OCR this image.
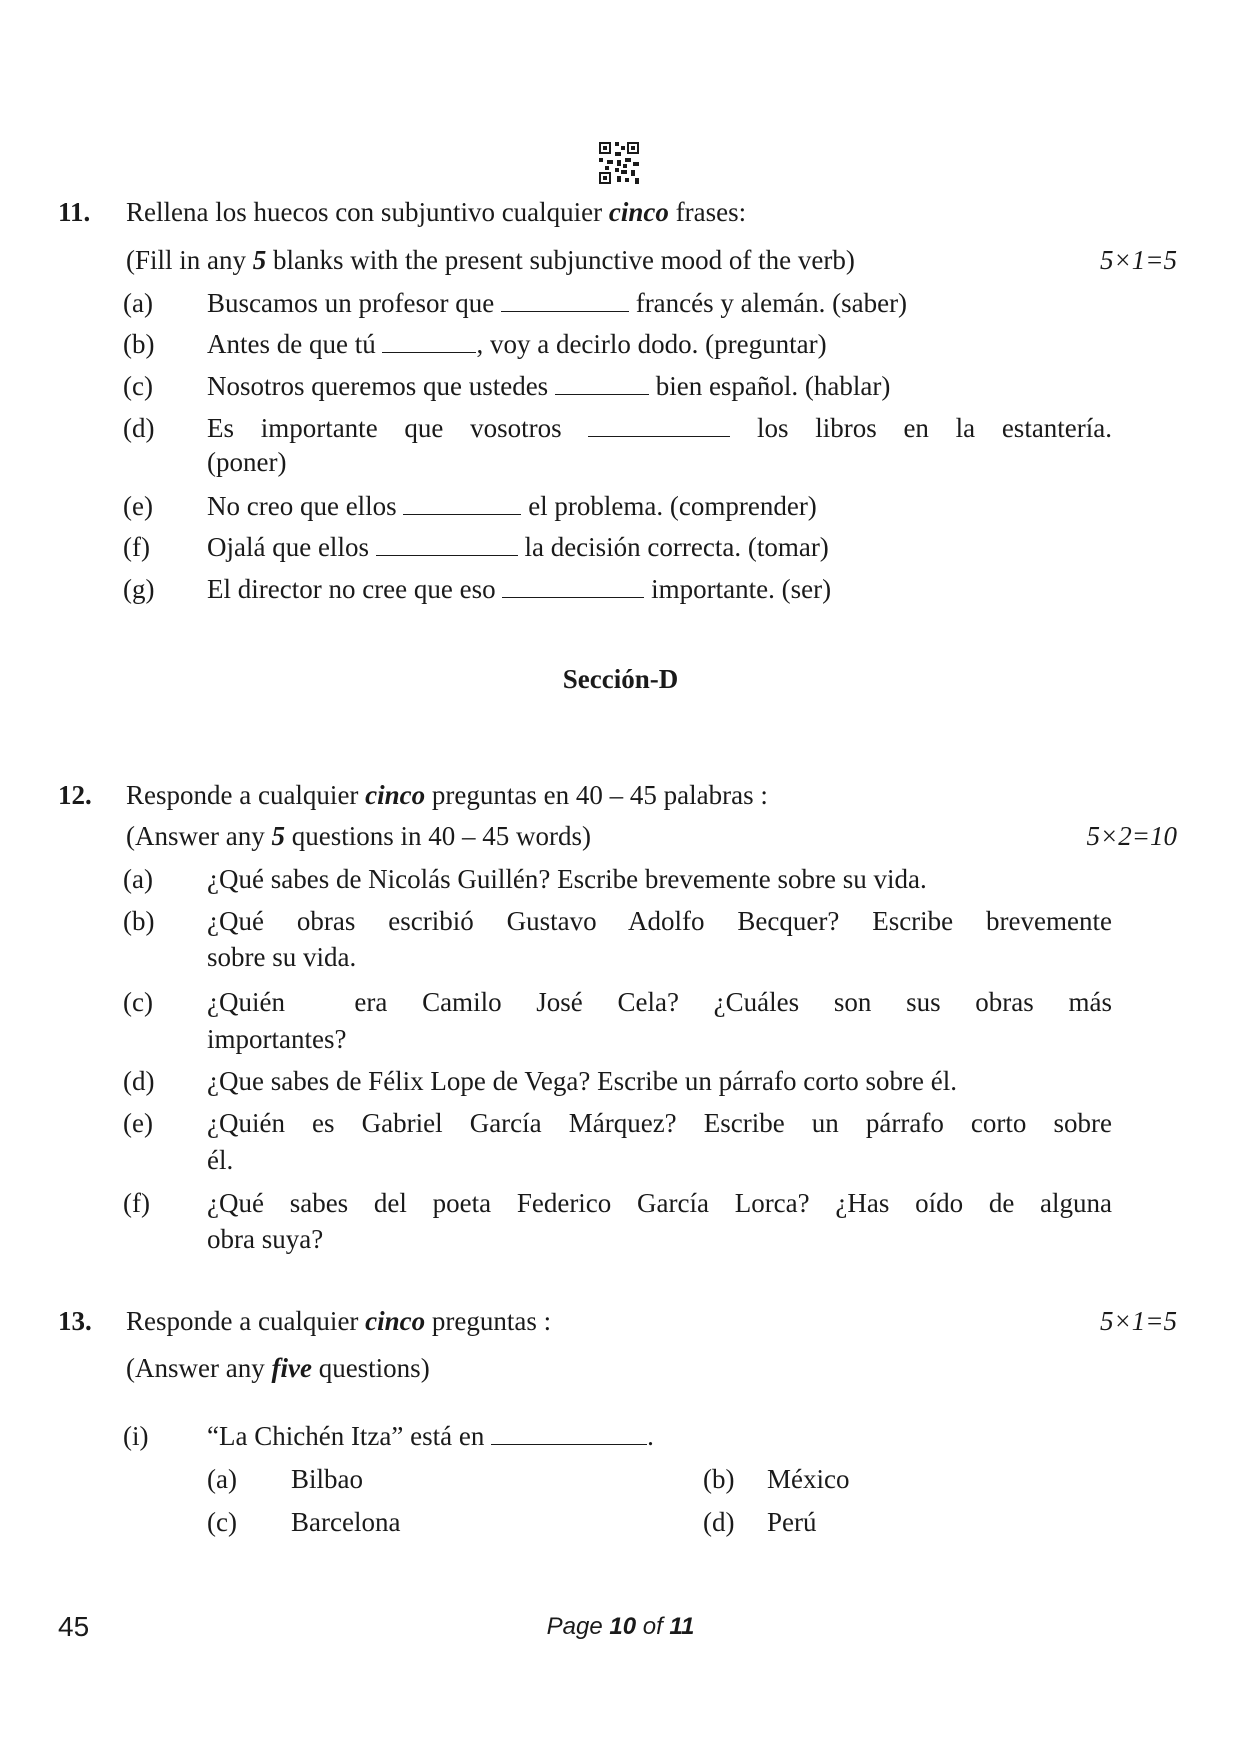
11. Rellena los huecos con subjuntivo cualquier cinco frases:
(Fill in any 5 blanks with the present subjunctive mood of the verb)	5×1=5
(a) Buscamos un profesor que	francés y alemán. (saber)
(b) Antes de que tú	, voy a decirlo dodo. (preguntar)
(c) Nosotros queremos que ustedes	bien español. (hablar)
(d) Es importante que vosotros	los libros en la estantería.
(poner)
(e) No creo que ellos	el problema. (comprender)
(f) Ojalá que ellos	la decisión correcta. (tomar)
(g) El director no cree que eso	importante. (ser)
Sección-D
12. Responde a cualquier cinco preguntas en 40 – 45 palabras :
(Answer any 5 questions in 40 – 45 words)	5×2=10
(a) ¿Qué sabes de Nicolás Guillén? Escribe brevemente sobre su vida.
(b) ¿Qué obras escribió Gustavo Adolfo Becquer? Escribe brevemente
sobre su vida.
(c) ¿Quién  era Camilo José Cela? ¿Cuáles son sus obras más
importantes?
(d) ¿Que sabes de Félix Lope de Vega? Escribe un párrafo corto sobre él.
(e) ¿Quién es Gabriel García Márquez? Escribe un párrafo corto sobre
él.
(f) ¿Qué sabes del poeta Federico García Lorca? ¿Has oído de alguna
obra suya?
13. Responde a cualquier cinco preguntas :	5×1=5
(Answer any five questions)
(i) “La Chichén Itza” está en	.
(a) Bilbao	(b) México
(c) Barcelona	(d) Perú
45	Page 10 of 11
